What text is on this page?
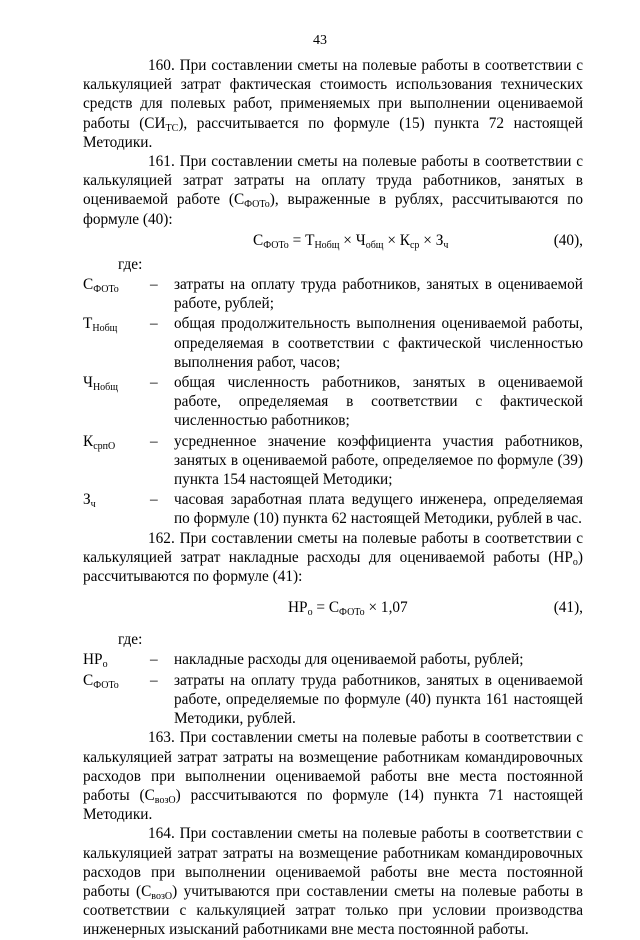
43

160. При составлении сметы на полевые работы в соответствии с калькуляцией затрат фактическая стоимость использования технических средств для полевых работ, применяемых при выполнении оцениваемой работы $(СИ_{ТС})$, рассчитывается по формуле (15) пункта 72 настоящей Методики.

161. При составлении сметы на полевые работы в соответствии с калькуляцией затрат затраты на оплату труда работников, занятых в оцениваемой работе $(С_{ФОТо})$, выраженные в рублях, рассчитываются по формуле (40):

$С_{ФОТо} = Т_{Нобщ} \times Ч_{общ} \times К_{ср} \times З_ч$	(40),
где:
$С_{ФОТо}$	–	затраты на оплату труда работников, занятых в оцениваемой работе, рублей;
$Т_{Нобщ}$	–	общая продолжительность выполнения оцениваемой работы, определяемая в соответствии с фактической численностью выполнения работ, часов;
$Ч_{Нобщ}$	–	общая численность работников, занятых в оцениваемой работе, определяемая в соответствии с фактической численностью работников;
$К_{српО}$	–	усредненное значение коэффициента участия работников, занятых в оцениваемой работе, определяемое по формуле (39) пункта 154 настоящей Методики;
$З_ч$	–	часовая заработная плата ведущего инженера, определяемая по формуле (10) пункта 62 настоящей Методики, рублей в час.

162. При составлении сметы на полевые работы в соответствии с калькуляцией затрат накладные расходы для оцениваемой работы $(НР_о)$ рассчитываются по формуле (41):

$НР_о = С_{ФОТо} \times 1,07$	(41),
где:
$НР_о$	–	накладные расходы для оцениваемой работы, рублей;
$С_{ФОТо}$	–	затраты на оплату труда работников, занятых в оцениваемой работе, определяемые по формуле (40) пункта 161 настоящей Методики, рублей.

163. При составлении сметы на полевые работы в соответствии с калькуляцией затрат затраты на возмещение работникам командировочных расходов при выполнении оцениваемой работы вне места постоянной работы $(С_{возО})$ рассчитываются по формуле (14) пункта 71 настоящей Методики.

164. При составлении сметы на полевые работы в соответствии с калькуляцией затрат затраты на возмещение работникам командировочных расходов при выполнении оцениваемой работы вне места постоянной работы $(С_{возО})$ учитываются при составлении сметы на полевые работы в соответствии с калькуляцией затрат только при условии производства инженерных изысканий работниками вне места постоянной работы.
